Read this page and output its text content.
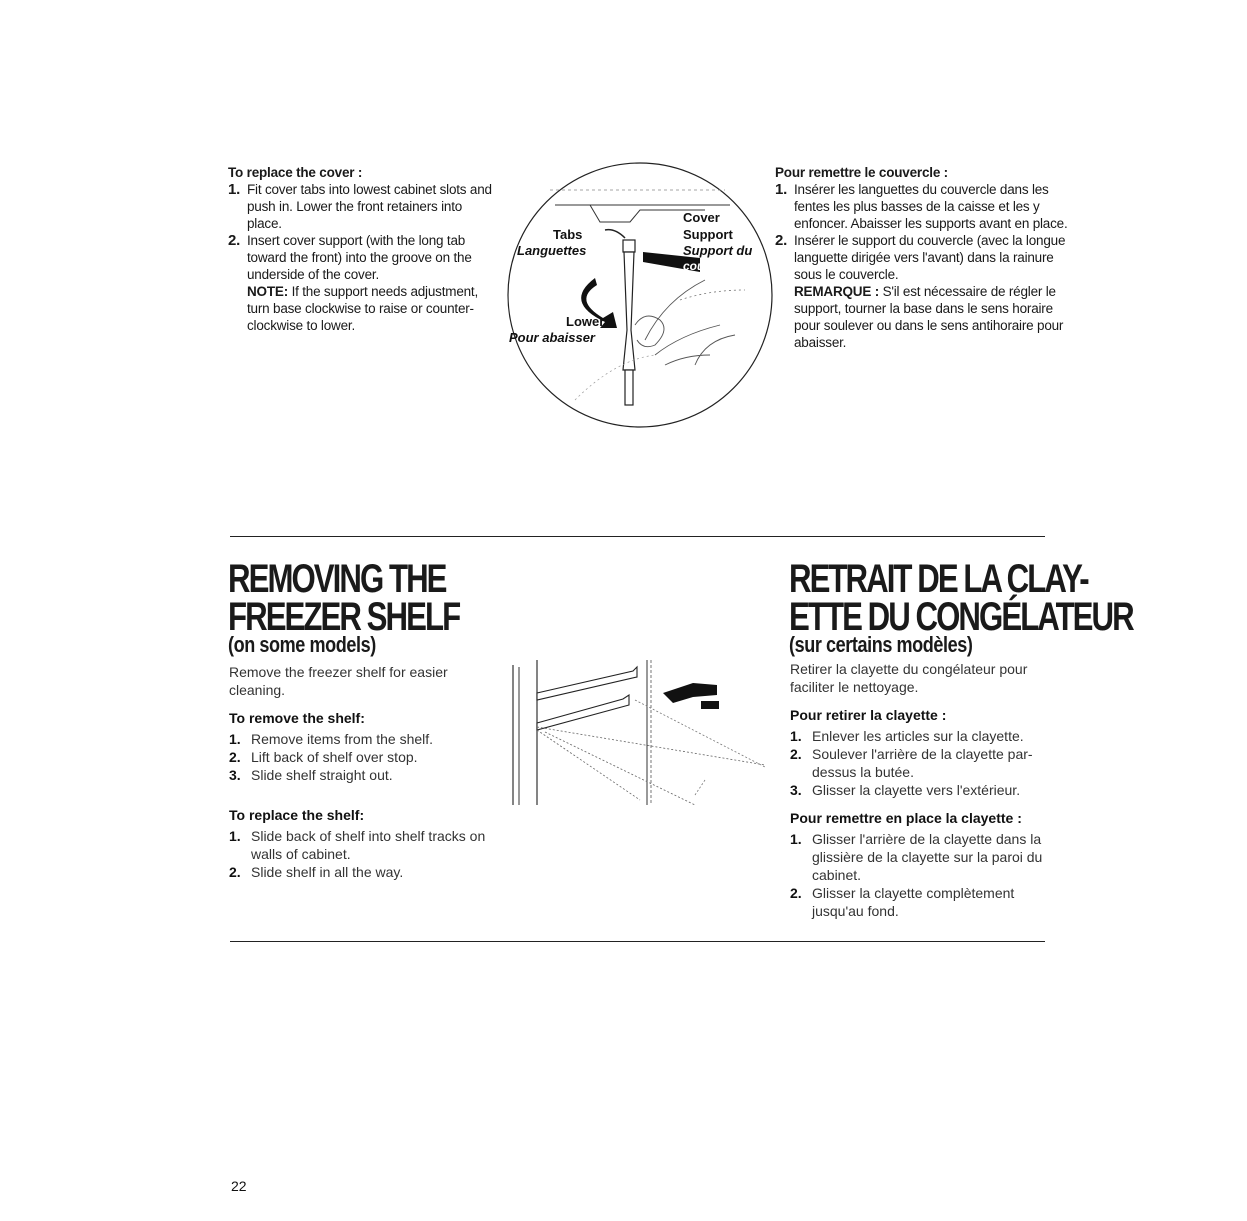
To replace the cover :
1. Fit cover tabs into lowest cabinet slots and push in. Lower the front retainers into place.
2. Insert cover support (with the long tab toward the front) into the groove on the underside of the cover.
NOTE: If the support needs adjustment, turn base clockwise to raise or counter-clockwise to lower.
Tabs
Languettes
Cover
Support
Support du
couvercle
Lower
Pour abaisser
Pour remettre le couvercle :
1. Insérer les languettes du couvercle dans les fentes les plus basses de la caisse et les y enfoncer. Abaisser les supports avant en place.
2. Insérer le support du couvercle (avec la longue languette dirigée vers l'avant) dans la rainure sous le couvercle.
REMARQUE : S'il est nécessaire de régler le support, tourner la base dans le sens horaire pour soulever ou dans le sens antihoraire pour abaisser.
REMOVING THE
FREEZER SHELF
(on some models)

Remove the freezer shelf for easier cleaning.

To remove the shelf:

1. Remove items from the shelf.
2. Lift back of shelf over stop.
3. Slide shelf straight out.

To replace the shelf:

1. Slide back of shelf into shelf tracks on walls of cabinet.
2. Slide shelf in all the way.
RETRAIT DE LA CLAY-
ETTE DU CONGÉLATEUR
(sur certains modèles)

Retirer la clayette du congélateur pour faciliter le nettoyage.

Pour retirer la clayette :

1. Enlever les articles sur la clayette.
2. Soulever l'arrière de la clayette par-dessus la butée.
3. Glisser la clayette vers l'extérieur.

Pour remettre en place la clayette :

1. Glisser l'arrière de la clayette dans la glissière de la clayette sur la paroi du cabinet.
2. Glisser la clayette complètement jusqu'au fond.
22
